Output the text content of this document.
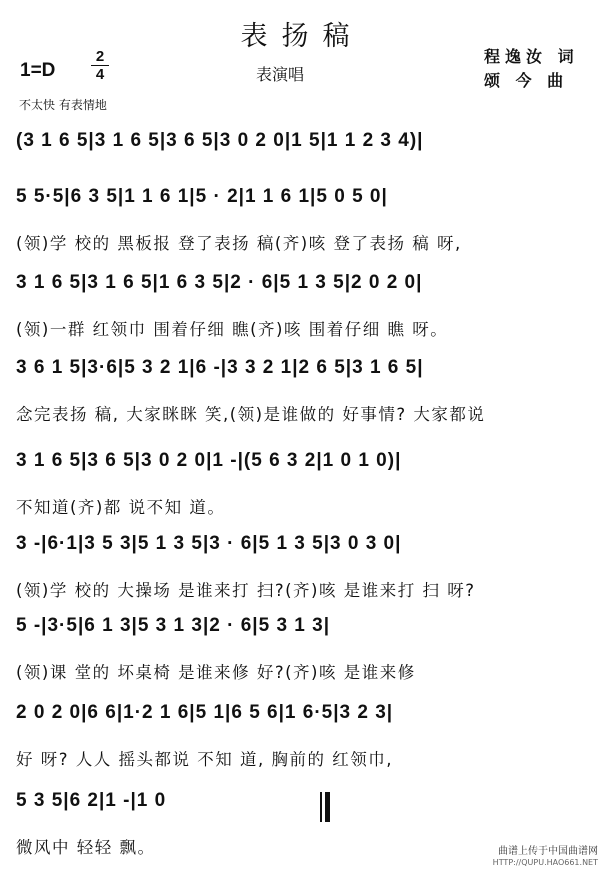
表扬稿
1=D
2
4	表演唱
程逸汝 词
颂 今 曲
不太快 有表情地
(3 1 6 5|3 1 6 5|3 6 5|3 0 2 0|1 5|1 1 2 3 4)|
5 5·5|6 3 5|1 1 6 1|5 · 2|1 1 6 1|5 0 5 0|
(领)学 校的 黑板报 登了表扬 稿(齐)咳 登了表扬 稿 呀,
3 1 6 5|3 1 6 5|1 6 3 5|2 · 6|5 1 3 5|2 0 2 0|
(领)一群 红领巾 围着仔细 瞧(齐)咳 围着仔细 瞧 呀。
3 6 1 5|3·6|5 3 2 1|6 -|3 3 2 1|2 6 5|3 1 6 5|
念完表扬 稿, 大家眯眯 笑,(领)是谁做的 好事情? 大家都说
3 1 6 5|3 6 5|3 0 2 0|1 -|(5 6 3 2|1 0 1 0)|
不知道(齐)都 说不知 道。
3 -|6·1|3 5 3|5 1 3 5|3 · 6|5 1 3 5|3 0 3 0|
(领)学 校的 大操场 是谁来打 扫?(齐)咳 是谁来打 扫 呀?
5 -|3·5|6 1 3|5 3 1 3|2 · 6|5 3 1 3|
(领)课 堂的 坏桌椅 是谁来修 好?(齐)咳 是谁来修
2 0 2 0|6 6|1·2 1 6|5 1|6 5 6|1 6·5|3 2 3|
好 呀? 人人 摇头都说 不知 道, 胸前的 红领巾,
5 3 5|6 2|1 -|1 0
微风中 轻轻 飘。	曲谱上传于中国曲谱网
HTTP://QUPU.HAO661.NET
